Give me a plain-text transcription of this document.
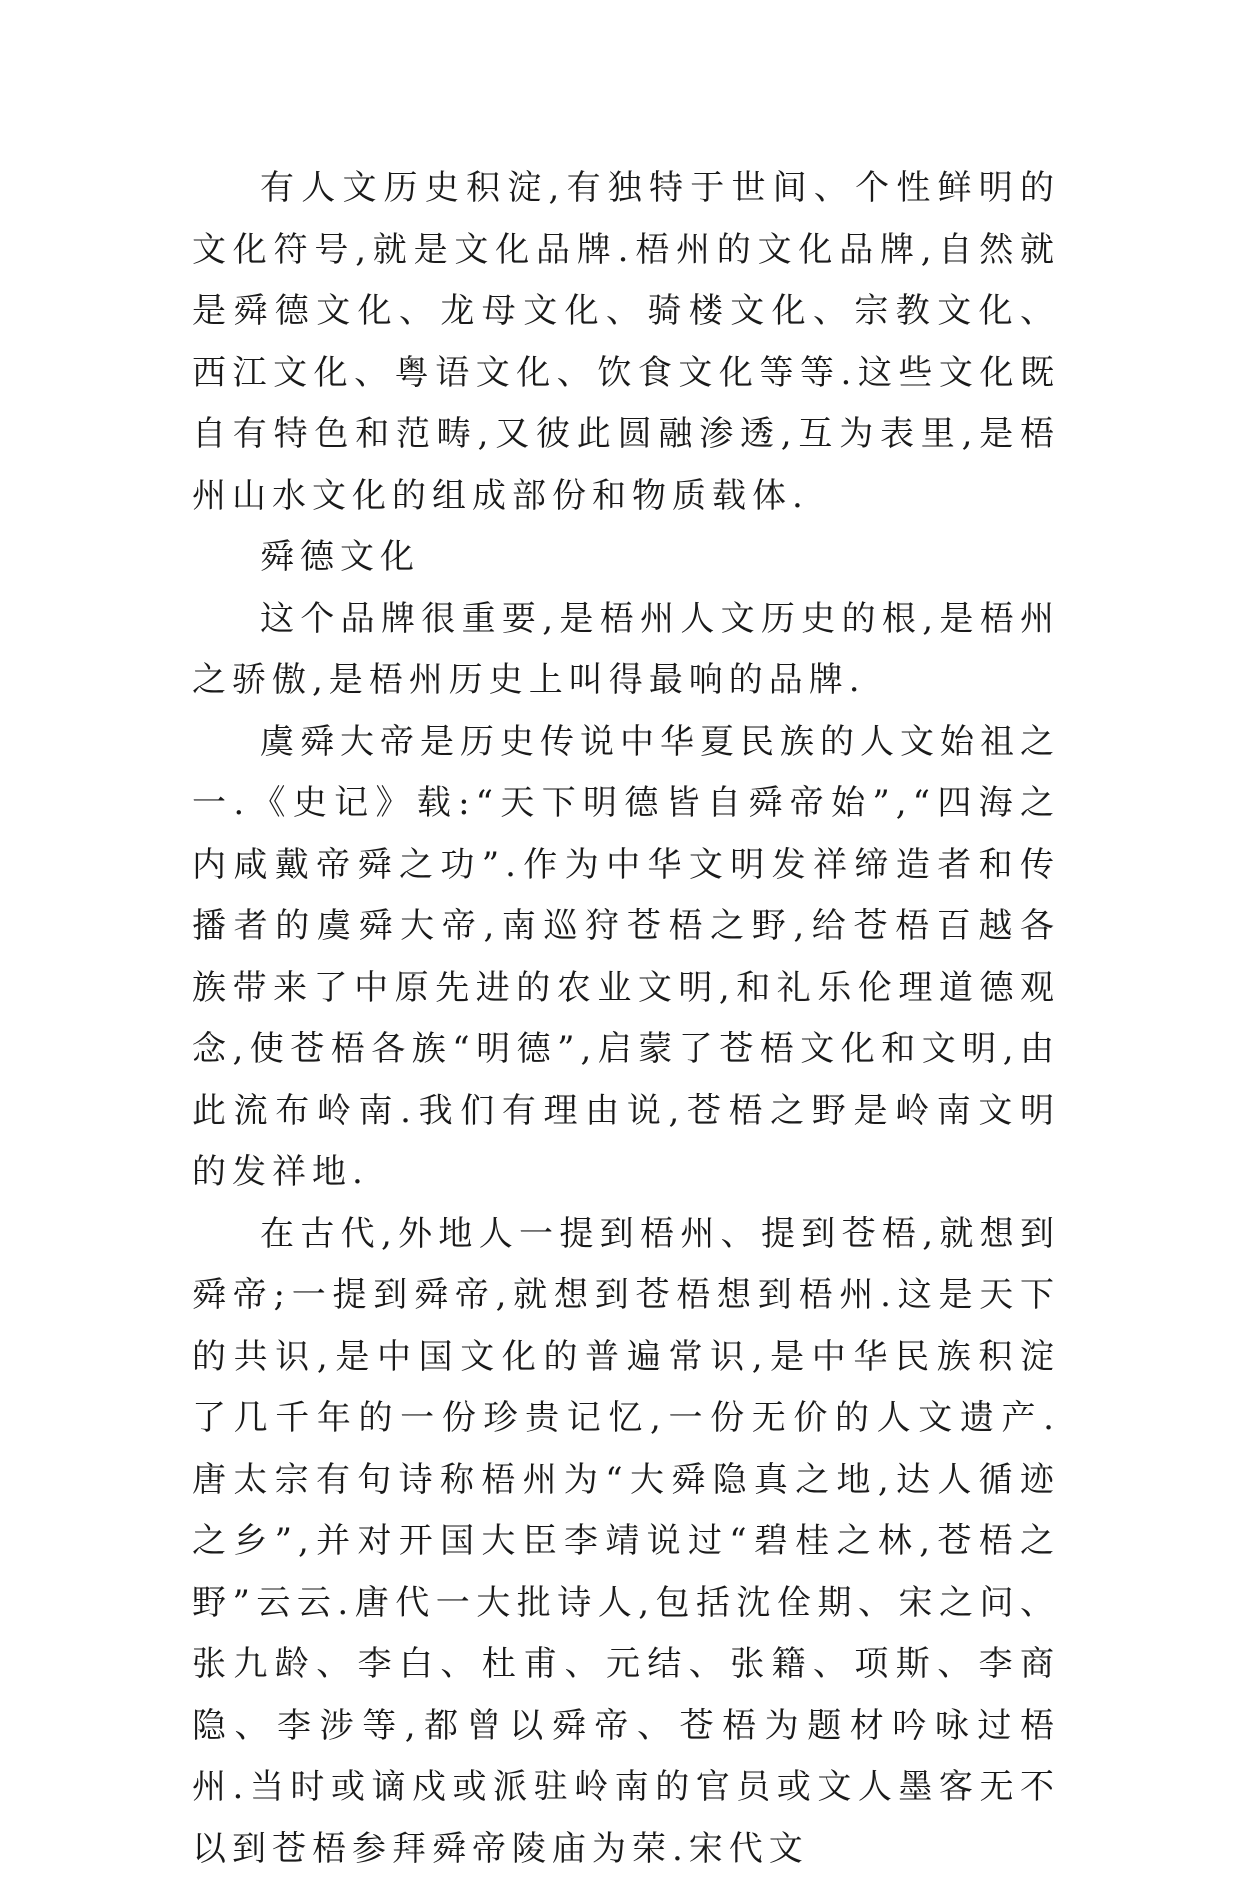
有人文历史积淀,有独特于世间、个性鲜明的文化符号,就是文化品牌.梧州的文化品牌,自然就是舜德文化、龙母文化、骑楼文化、宗教文化、西江文化、粤语文化、饮食文化等等.这些文化既自有特色和范畴,又彼此圆融渗透,互为表里,是梧州山水文化的组成部份和物质载体.

舜德文化

这个品牌很重要,是梧州人文历史的根,是梧州之骄傲,是梧州历史上叫得最响的品牌.

虞舜大帝是历史传说中华夏民族的人文始祖之一.《史记》载:“天下明德皆自舜帝始”,“四海之内咸戴帝舜之功”.作为中华文明发祥缔造者和传播者的虞舜大帝,南巡狩苍梧之野,给苍梧百越各族带来了中原先进的农业文明,和礼乐伦理道德观念,使苍梧各族“明德”,启蒙了苍梧文化和文明,由此流布岭南.我们有理由说,苍梧之野是岭南文明的发祥地.

在古代,外地人一提到梧州、提到苍梧,就想到舜帝;一提到舜帝,就想到苍梧想到梧州.这是天下的共识,是中国文化的普遍常识,是中华民族积淀了几千年的一份珍贵记忆,一份无价的人文遗产.唐太宗有句诗称梧州为“大舜隐真之地,达人循迹之乡”,并对开国大臣李靖说过“碧桂之林,苍梧之野”云云.唐代一大批诗人,包括沈佺期、宋之问、张九龄、李白、杜甫、元结、张籍、项斯、李商隐、李涉等,都曾以舜帝、苍梧为题材吟咏过梧州.当时或谪戍或派驻岭南的官员或文人墨客无不以到苍梧参拜舜帝陵庙为荣.宋代文
